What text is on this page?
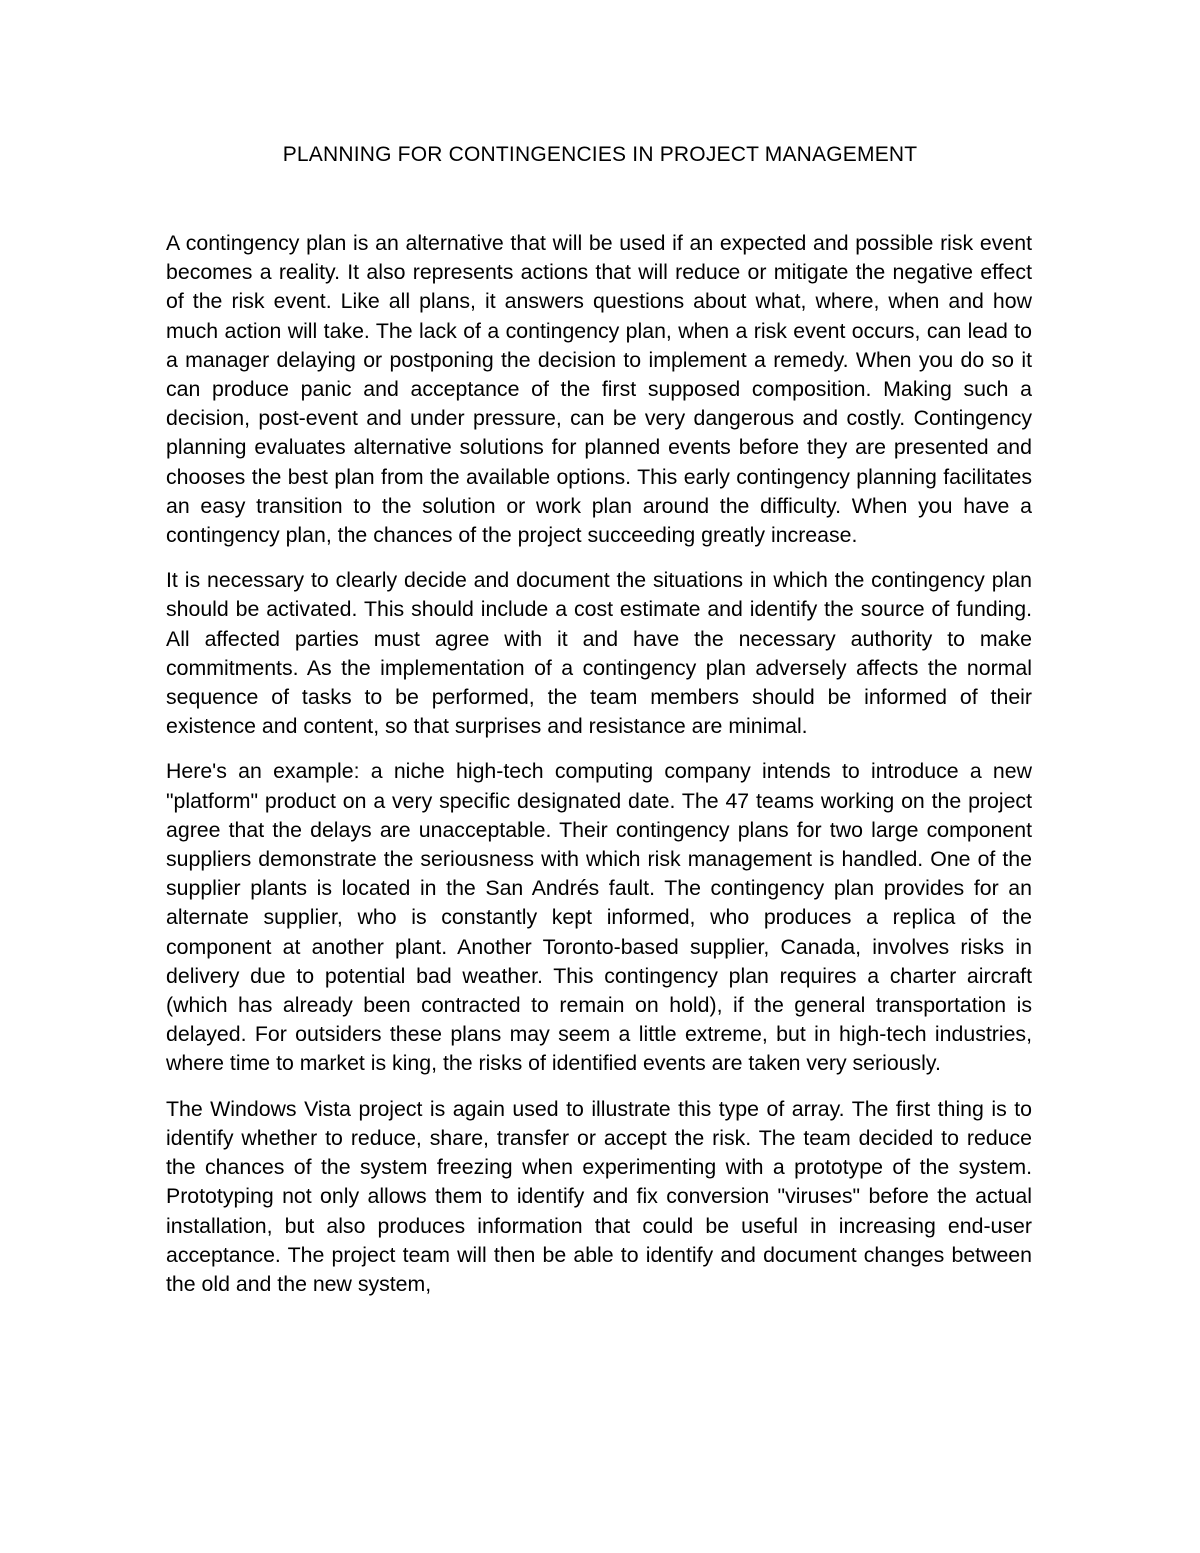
PLANNING FOR CONTINGENCIES IN PROJECT MANAGEMENT

A contingency plan is an alternative that will be used if an expected and possible risk event becomes a reality. It also represents actions that will reduce or mitigate the negative effect of the risk event. Like all plans, it answers questions about what, where, when and how much action will take. The lack of a contingency plan, when a risk event occurs, can lead to a manager delaying or postponing the decision to implement a remedy. When you do so it can produce panic and acceptance of the first supposed composition. Making such a decision, post-event and under pressure, can be very dangerous and costly. Contingency planning evaluates alternative solutions for planned events before they are presented and chooses the best plan from the available options. This early contingency planning facilitates an easy transition to the solution or work plan around the difficulty. When you have a contingency plan, the chances of the project succeeding greatly increase.

It is necessary to clearly decide and document the situations in which the contingency plan should be activated. This should include a cost estimate and identify the source of funding. All affected parties must agree with it and have the necessary authority to make commitments. As the implementation of a contingency plan adversely affects the normal sequence of tasks to be performed, the team members should be informed of their existence and content, so that surprises and resistance are minimal.

Here's an example: a niche high-tech computing company intends to introduce a new "platform" product on a very specific designated date. The 47 teams working on the project agree that the delays are unacceptable. Their contingency plans for two large component suppliers demonstrate the seriousness with which risk management is handled. One of the supplier plants is located in the San Andrés fault. The contingency plan provides for an alternate supplier, who is constantly kept informed, who produces a replica of the component at another plant. Another Toronto-based supplier, Canada, involves risks in delivery due to potential bad weather. This contingency plan requires a charter aircraft (which has already been contracted to remain on hold), if the general transportation is delayed. For outsiders these plans may seem a little extreme, but in high-tech industries, where time to market is king, the risks of identified events are taken very seriously.

The Windows Vista project is again used to illustrate this type of array. The first thing is to identify whether to reduce, share, transfer or accept the risk. The team decided to reduce the chances of the system freezing when experimenting with a prototype of the system. Prototyping not only allows them to identify and fix conversion "viruses" before the actual installation, but also produces information that could be useful in increasing end-user acceptance. The project team will then be able to identify and document changes between the old and the new system,
